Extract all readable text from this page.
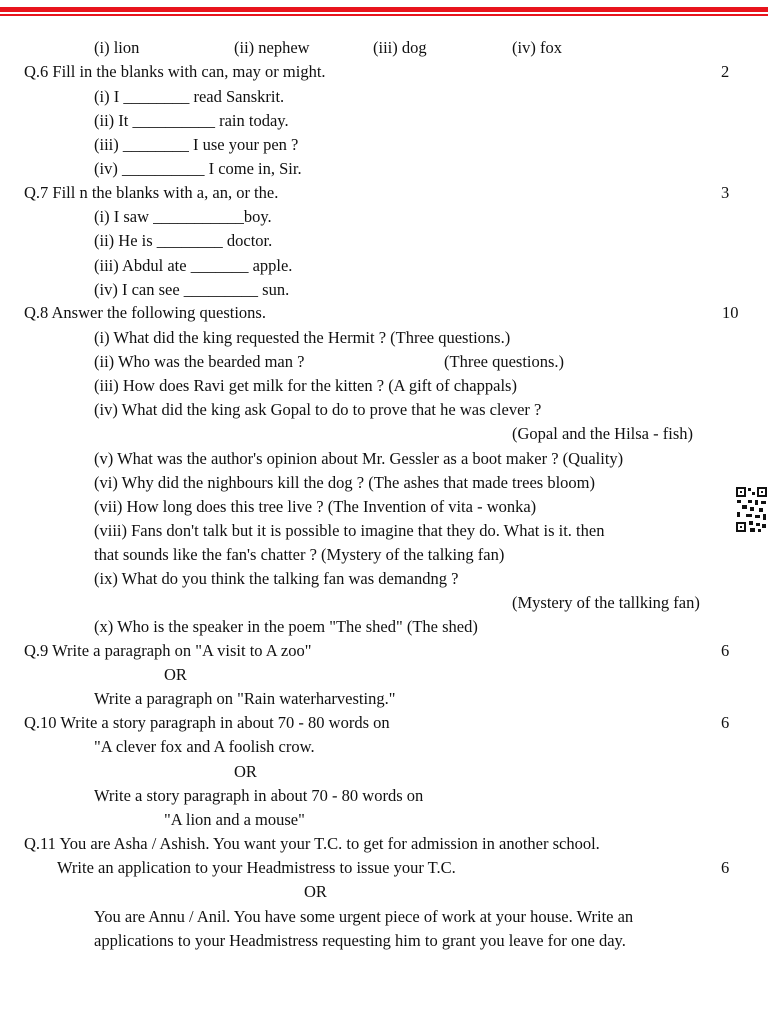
(i) lion	(ii) nephew	(iii) dog	(iv) fox
Q.6 Fill in the blanks with can, may or might.	2
(i) I ________ read Sanskrit.
(ii) It __________ rain today.
(iii) ________ I use your pen ?
(iv) __________ I come in, Sir.
Q.7 Fill n the blanks with a, an, or the.	3
(i) I saw ___________boy.
(ii) He is ________ doctor.
(iii) Abdul ate _______ apple.
(iv) I can see _________ sun.
Q.8 Answer the following questions.	10
(i) What did the king requested the Hermit ? (Three questions.)
(ii) Who was the bearded man ?	(Three questions.)
(iii) How does Ravi get milk for the kitten ? (A gift of chappals)
(iv) What did the king ask Gopal to do to prove that he was clever ?
(Gopal and the Hilsa - fish)
(v) What was the author's opinion about Mr. Gessler as a boot maker ? (Quality)
(vi) Why did the nighbours kill the dog ? (The ashes that made trees bloom)
(vii) How long does this tree live ? (The Invention of vita - wonka)
(viii) Fans don't talk but it is possible to imagine that they do. What is it. then
that sounds like the fan's chatter ? (Mystery of the talking fan)
(ix) What do you think the talking fan was demandng ?
(Mystery of the tallking fan)
(x) Who is the speaker in the poem "The shed" (The shed)
Q.9 Write a paragraph on "A visit to A zoo"	6
OR
Write a paragraph on "Rain waterharvesting."
Q.10 Write a story paragraph in about 70 - 80 words on	6
"A clever fox and A foolish crow.
OR
Write a story paragraph in about 70 - 80 words on
"A lion and a mouse"
Q.11 You are Asha / Ashish. You want your T.C. to get for admission in another school.
Write an application to your Headmistress to issue your T.C.	6
OR
You are Annu / Anil. You have some urgent piece of work at your house. Write an
applications to your Headmistress requesting him to grant you leave for one day.
